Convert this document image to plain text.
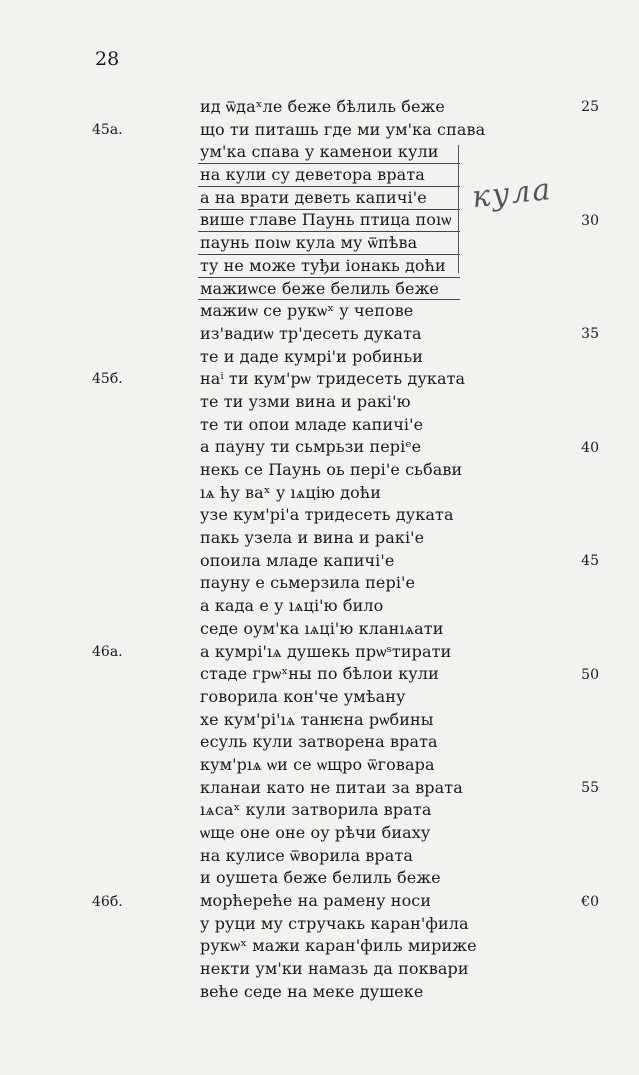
28
ид ѿдаˣле беже бѣлиль беже
що ти питашь где ми ум'ка спава
ум'ка спава у каменои кули
на кули су деветора врата
а на врати деветь капичі'е
више главе Паунь птица поıѡ
паунь поıѡ кула му ѿпѣва
ту не може туђи іонакь доћи
мажиѡсе беже белиль беже
мажиѡ се рукѡˣ у чепове
из'вадиѡ тр'десеть дуката
те и даде кумрі'и робиньи
наⁱ ти кум'рѡ тридесеть дуката
те ти узми вина и ракі'ю
те ти опои младе капичі'е
а пауну ти сьмрьзи періᵉе
некь се Паунь оь перi'е сьбави
ıѧ ћу ваˣ у ıѧцію доћи
узе кум'рі'а тридесеть дуката
пакь узела и вина и ракі'е
опоила младе капичі'е
пауну е сьмерзила перi'е
а када е у ıѧці'ю било
седе оум'ка ıѧці'ю кланıѧати
а кумрі'ıѧ душекь прѡˢтирати
стаде грѡˣны по бѣлои кули
говорила кон'че умѣану
хе кум'рі'ıѧ танѥна рѡбины
есуль кули затворена врата
кум'рıѧ ѡи се ѡщро ѿговара
кланаи като не питаи за врата
ıѧсаˣ кули затворила врата
ѡще оне оне оу рѣчи биаху
на кулисе ѿворила врата
и оушета беже белиль беже
морћереће на рамену носи
у руци му стручакь каран'фила
рукѡˣ мажи каран'филь мирижe
некти ум'ки намазь да поквари
веће седе на меке душеке
45а.
45б.
46а.
46б.
25
30
35
40
45
50
55
€0
кула
